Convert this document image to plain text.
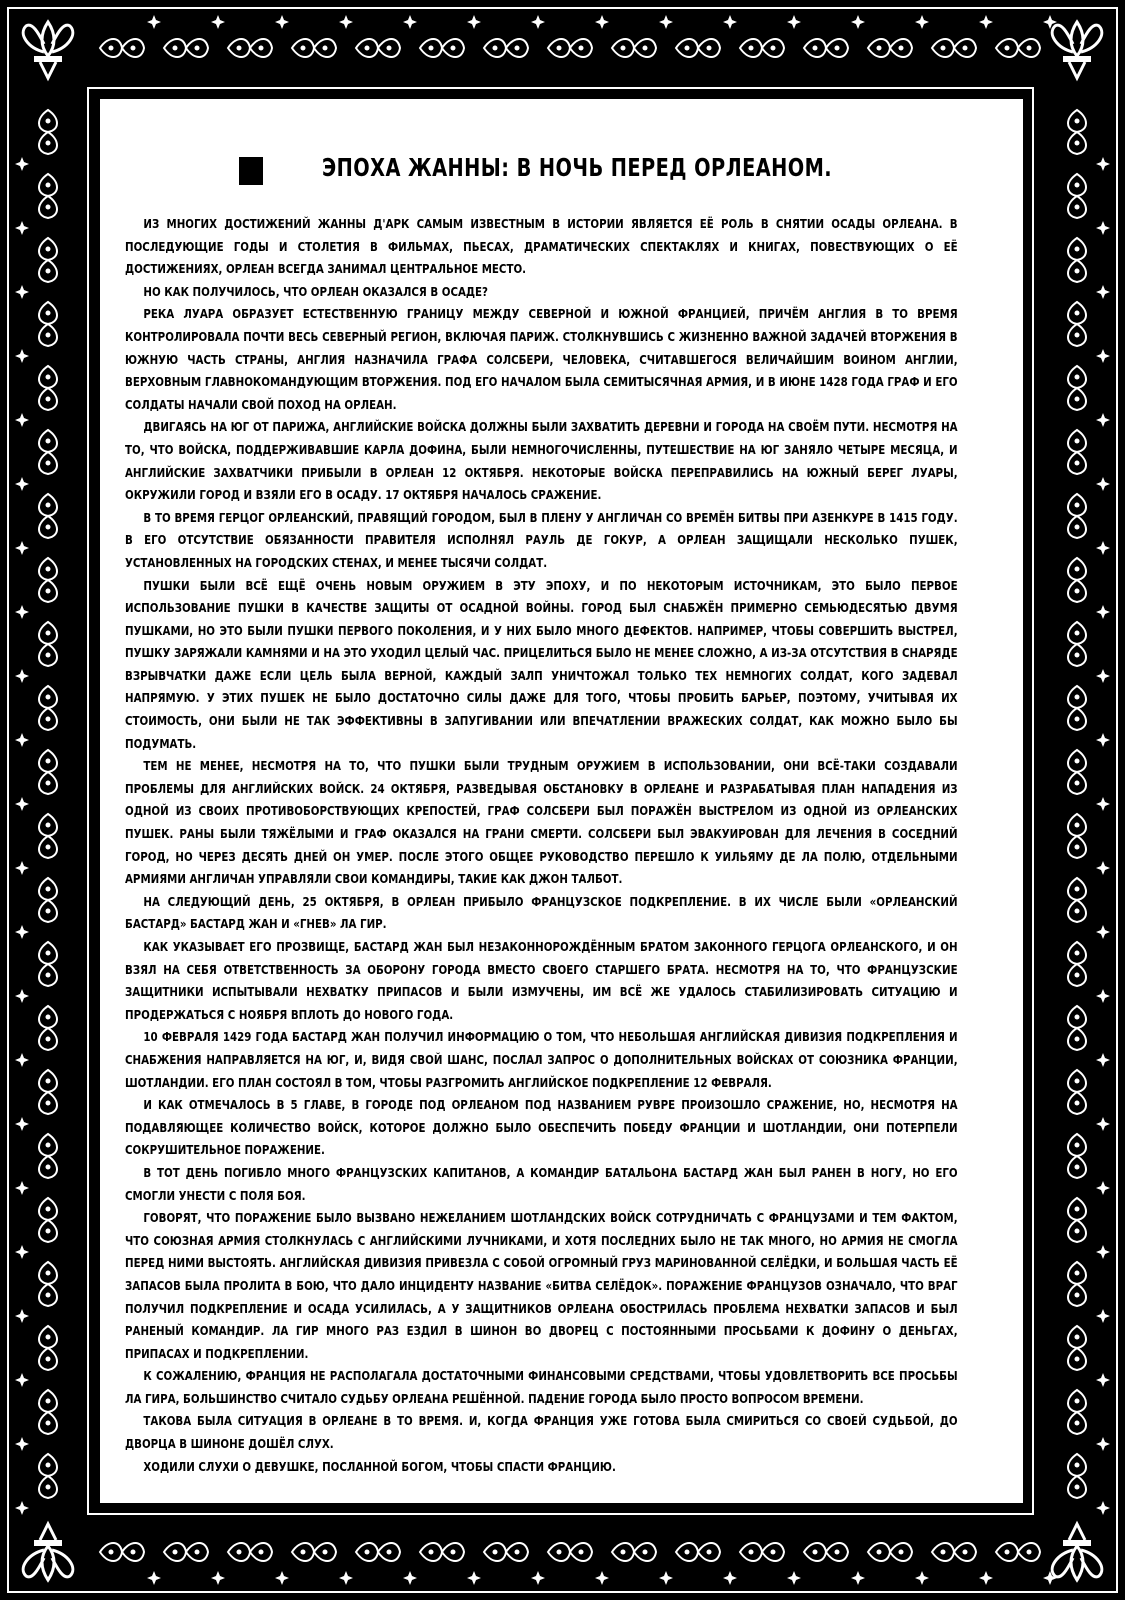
ЭПОХА ЖАННЫ: В НОЧЬ ПЕРЕД ОРЛЕАНОМ.

ИЗ МНОГИХ ДОСТИЖЕНИЙ ЖАННЫ Д'АРК САМЫМ ИЗВЕСТНЫМ В ИСТОРИИ ЯВЛЯЕТСЯ ЕЁ РОЛЬ В СНЯТИИ ОСАДЫ ОРЛЕАНА. В ПОСЛЕДУЮЩИЕ ГОДЫ И СТОЛЕТИЯ В ФИЛЬМАХ, ПЬЕСАХ, ДРАМАТИЧЕСКИХ СПЕКТАКЛЯХ И КНИГАХ, ПОВЕСТВУЮЩИХ О ЕЁ ДОСТИЖЕНИЯХ, ОРЛЕАН ВСЕГДА ЗАНИМАЛ ЦЕНТРАЛЬНОЕ МЕСТО.

НО КАК ПОЛУЧИЛОСЬ, ЧТО ОРЛЕАН ОКАЗАЛСЯ В ОСАДЕ?

РЕКА ЛУАРА ОБРАЗУЕТ ЕСТЕСТВЕННУЮ ГРАНИЦУ МЕЖДУ СЕВЕРНОЙ И ЮЖНОЙ ФРАНЦИЕЙ, ПРИЧЁМ АНГЛИЯ В ТО ВРЕМЯ КОНТРОЛИРОВАЛА ПОЧТИ ВЕСЬ СЕВЕРНЫЙ РЕГИОН, ВКЛЮЧАЯ ПАРИЖ. СТОЛКНУВШИСЬ С ЖИЗНЕННО ВАЖНОЙ ЗАДАЧЕЙ ВТОРЖЕНИЯ В ЮЖНУЮ ЧАСТЬ СТРАНЫ, АНГЛИЯ НАЗНАЧИЛА ГРАФА СОЛСБЕРИ, ЧЕЛОВЕКА, СЧИТАВШЕГОСЯ ВЕЛИЧАЙШИМ ВОИНОМ АНГЛИИ, ВЕРХОВНЫМ ГЛАВНОКОМАНДУЮЩИМ ВТОРЖЕНИЯ. ПОД ЕГО НАЧАЛОМ БЫЛА СЕМИТЫСЯЧНАЯ АРМИЯ, И В ИЮНЕ 1428 ГОДА ГРАФ И ЕГО СОЛДАТЫ НАЧАЛИ СВОЙ ПОХОД НА ОРЛЕАН.

ДВИГАЯСЬ НА ЮГ ОТ ПАРИЖА, АНГЛИЙСКИЕ ВОЙСКА ДОЛЖНЫ БЫЛИ ЗАХВАТИТЬ ДЕРЕВНИ И ГОРОДА НА СВОЁМ ПУТИ. НЕСМОТРЯ НА ТО, ЧТО ВОЙСКА, ПОДДЕРЖИВАВШИЕ КАРЛА ДОФИНА, БЫЛИ НЕМНОГОЧИСЛЕННЫ, ПУТЕШЕСТВИЕ НА ЮГ ЗАНЯЛО ЧЕТЫРЕ МЕСЯЦА, И АНГЛИЙСКИЕ ЗАХВАТЧИКИ ПРИБЫЛИ В ОРЛЕАН 12 ОКТЯБРЯ. НЕКОТОРЫЕ ВОЙСКА ПЕРЕПРАВИЛИСЬ НА ЮЖНЫЙ БЕРЕГ ЛУАРЫ, ОКРУЖИЛИ ГОРОД И ВЗЯЛИ ЕГО В ОСАДУ. 17 ОКТЯБРЯ НАЧАЛОСЬ СРАЖЕНИЕ.

В ТО ВРЕМЯ ГЕРЦОГ ОРЛЕАНСКИЙ, ПРАВЯЩИЙ ГОРОДОМ, БЫЛ В ПЛЕНУ У АНГЛИЧАН СО ВРЕМЁН БИТВЫ ПРИ АЗЕНКУРЕ В 1415 ГОДУ. В ЕГО ОТСУТСТВИЕ ОБЯЗАННОСТИ ПРАВИТЕЛЯ ИСПОЛНЯЛ РАУЛЬ ДЕ ГОКУР, А ОРЛЕАН ЗАЩИЩАЛИ НЕСКОЛЬКО ПУШЕК, УСТАНОВЛЕННЫХ НА ГОРОДСКИХ СТЕНАХ, И МЕНЕЕ ТЫСЯЧИ СОЛДАТ.

ПУШКИ БЫЛИ ВСЁ ЕЩЁ ОЧЕНЬ НОВЫМ ОРУЖИЕМ В ЭТУ ЭПОХУ, И ПО НЕКОТОРЫМ ИСТОЧНИКАМ, ЭТО БЫЛО ПЕРВОЕ ИСПОЛЬЗОВАНИЕ ПУШКИ В КАЧЕСТВЕ ЗАЩИТЫ ОТ ОСАДНОЙ ВОЙНЫ. ГОРОД БЫЛ СНАБЖЁН ПРИМЕРНО СЕМЬЮДЕСЯТЬЮ ДВУМЯ ПУШКАМИ, НО ЭТО БЫЛИ ПУШКИ ПЕРВОГО ПОКОЛЕНИЯ, И У НИХ БЫЛО МНОГО ДЕФЕКТОВ. НАПРИМЕР, ЧТОБЫ СОВЕРШИТЬ ВЫСТРЕЛ, ПУШКУ ЗАРЯЖАЛИ КАМНЯМИ И НА ЭТО УХОДИЛ ЦЕЛЫЙ ЧАС. ПРИЦЕЛИТЬСЯ БЫЛО НЕ МЕНЕЕ СЛОЖНО, А ИЗ-ЗА ОТСУТСТВИЯ В СНАРЯДЕ ВЗРЫВЧАТКИ ДАЖЕ ЕСЛИ ЦЕЛЬ БЫЛА ВЕРНОЙ, КАЖДЫЙ ЗАЛП УНИЧТОЖАЛ ТОЛЬКО ТЕХ НЕМНОГИХ СОЛДАТ, КОГО ЗАДЕВАЛ НАПРЯМУЮ. У ЭТИХ ПУШЕК НЕ БЫЛО ДОСТАТОЧНО СИЛЫ ДАЖЕ ДЛЯ ТОГО, ЧТОБЫ ПРОБИТЬ БАРЬЕР, ПОЭТОМУ, УЧИТЫВАЯ ИХ СТОИМОСТЬ, ОНИ БЫЛИ НЕ ТАК ЭФФЕКТИВНЫ В ЗАПУГИВАНИИ ИЛИ ВПЕЧАТЛЕНИИ ВРАЖЕСКИХ СОЛДАТ, КАК МОЖНО БЫЛО БЫ ПОДУМАТЬ.

ТЕМ НЕ МЕНЕЕ, НЕСМОТРЯ НА ТО, ЧТО ПУШКИ БЫЛИ ТРУДНЫМ ОРУЖИЕМ В ИСПОЛЬЗОВАНИИ, ОНИ ВСЁ-ТАКИ СОЗДАВАЛИ ПРОБЛЕМЫ ДЛЯ АНГЛИЙСКИХ ВОЙСК. 24 ОКТЯБРЯ, РАЗВЕДЫВАЯ ОБСТАНОВКУ В ОРЛЕАНЕ И РАЗРАБАТЫВАЯ ПЛАН НАПАДЕНИЯ ИЗ ОДНОЙ ИЗ СВОИХ ПРОТИВОБОРСТВУЮЩИХ КРЕПОСТЕЙ, ГРАФ СОЛСБЕРИ БЫЛ ПОРАЖЁН ВЫСТРЕЛОМ ИЗ ОДНОЙ ИЗ ОРЛЕАНСКИХ ПУШЕК. РАНЫ БЫЛИ ТЯЖЁЛЫМИ И ГРАФ ОКАЗАЛСЯ НА ГРАНИ СМЕРТИ. СОЛСБЕРИ БЫЛ ЭВАКУИРОВАН ДЛЯ ЛЕЧЕНИЯ В СОСЕДНИЙ ГОРОД, НО ЧЕРЕЗ ДЕСЯТЬ ДНЕЙ ОН УМЕР. ПОСЛЕ ЭТОГО ОБЩЕЕ РУКОВОДСТВО ПЕРЕШЛО К УИЛЬЯМУ ДЕ ЛА ПОЛЮ, ОТДЕЛЬНЫМИ АРМИЯМИ АНГЛИЧАН УПРАВЛЯЛИ СВОИ КОМАНДИРЫ, ТАКИЕ КАК ДЖОН ТАЛБОТ.

НА СЛЕДУЮЩИЙ ДЕНЬ, 25 ОКТЯБРЯ, В ОРЛЕАН ПРИБЫЛО ФРАНЦУЗСКОЕ ПОДКРЕПЛЕНИЕ. В ИХ ЧИСЛЕ БЫЛИ «ОРЛЕАНСКИЙ БАСТАРД» БАСТАРД ЖАН И «ГНЕВ» ЛА ГИР.

КАК УКАЗЫВАЕТ ЕГО ПРОЗВИЩЕ, БАСТАРД ЖАН БЫЛ НЕЗАКОННОРОЖДЁННЫМ БРАТОМ ЗАКОННОГО ГЕРЦОГА ОРЛЕАНСКОГО, И ОН ВЗЯЛ НА СЕБЯ ОТВЕТСТВЕННОСТЬ ЗА ОБОРОНУ ГОРОДА ВМЕСТО СВОЕГО СТАРШЕГО БРАТА. НЕСМОТРЯ НА ТО, ЧТО ФРАНЦУЗСКИЕ ЗАЩИТНИКИ ИСПЫТЫВАЛИ НЕХВАТКУ ПРИПАСОВ И БЫЛИ ИЗМУЧЕНЫ, ИМ ВСЁ ЖЕ УДАЛОСЬ СТАБИЛИЗИРОВАТЬ СИТУАЦИЮ И ПРОДЕРЖАТЬСЯ С НОЯБРЯ ВПЛОТЬ ДО НОВОГО ГОДА.

10 ФЕВРАЛЯ 1429 ГОДА БАСТАРД ЖАН ПОЛУЧИЛ ИНФОРМАЦИЮ О ТОМ, ЧТО НЕБОЛЬШАЯ АНГЛИЙСКАЯ ДИВИЗИЯ ПОДКРЕПЛЕНИЯ И СНАБЖЕНИЯ НАПРАВЛЯЕТСЯ НА ЮГ, И, ВИДЯ СВОЙ ШАНС, ПОСЛАЛ ЗАПРОС О ДОПОЛНИТЕЛЬНЫХ ВОЙСКАХ ОТ СОЮЗНИКА ФРАНЦИИ, ШОТЛАНДИИ. ЕГО ПЛАН СОСТОЯЛ В ТОМ, ЧТОБЫ РАЗГРОМИТЬ АНГЛИЙСКОЕ ПОДКРЕПЛЕНИЕ 12 ФЕВРАЛЯ.

И КАК ОТМЕЧАЛОСЬ В 5 ГЛАВЕ, В ГОРОДЕ ПОД ОРЛЕАНОМ ПОД НАЗВАНИЕМ РУВРЕ ПРОИЗОШЛО СРАЖЕНИЕ, НО, НЕСМОТРЯ НА ПОДАВЛЯЮЩЕЕ КОЛИЧЕСТВО ВОЙСК, КОТОРОЕ ДОЛЖНО БЫЛО ОБЕСПЕЧИТЬ ПОБЕДУ ФРАНЦИИ И ШОТЛАНДИИ, ОНИ ПОТЕРПЕЛИ СОКРУШИТЕЛЬНОЕ ПОРАЖЕНИЕ.

В ТОТ ДЕНЬ ПОГИБЛО МНОГО ФРАНЦУЗСКИХ КАПИТАНОВ, А КОМАНДИР БАТАЛЬОНА БАСТАРД ЖАН БЫЛ РАНЕН В НОГУ, НО ЕГО СМОГЛИ УНЕСТИ С ПОЛЯ БОЯ.

ГОВОРЯТ, ЧТО ПОРАЖЕНИЕ БЫЛО ВЫЗВАНО НЕЖЕЛАНИЕМ ШОТЛАНДСКИХ ВОЙСК СОТРУДНИЧАТЬ С ФРАНЦУЗАМИ И ТЕМ ФАКТОМ, ЧТО СОЮЗНАЯ АРМИЯ СТОЛКНУЛАСЬ С АНГЛИЙСКИМИ ЛУЧНИКАМИ, И ХОТЯ ПОСЛЕДНИХ БЫЛО НЕ ТАК МНОГО, НО АРМИЯ НЕ СМОГЛА ПЕРЕД НИМИ ВЫСТОЯТЬ. АНГЛИЙСКАЯ ДИВИЗИЯ ПРИВЕЗЛА С СОБОЙ ОГРОМНЫЙ ГРУЗ МАРИНОВАННОЙ СЕЛЁДКИ, И БОЛЬШАЯ ЧАСТЬ ЕЁ ЗАПАСОВ БЫЛА ПРОЛИТА В БОЮ, ЧТО ДАЛО ИНЦИДЕНТУ НАЗВАНИЕ «БИТВА СЕЛЁДОК». ПОРАЖЕНИЕ ФРАНЦУЗОВ ОЗНАЧАЛО, ЧТО ВРАГ ПОЛУЧИЛ ПОДКРЕПЛЕНИЕ И ОСАДА УСИЛИЛАСЬ, А У ЗАЩИТНИКОВ ОРЛЕАНА ОБОСТРИЛАСЬ ПРОБЛЕМА НЕХВАТКИ ЗАПАСОВ И БЫЛ РАНЕНЫЙ КОМАНДИР. ЛА ГИР МНОГО РАЗ ЕЗДИЛ В ШИНОН ВО ДВОРЕЦ С ПОСТОЯННЫМИ ПРОСЬБАМИ К ДОФИНУ О ДЕНЬГАХ, ПРИПАСАХ И ПОДКРЕПЛЕНИИ.

К СОЖАЛЕНИЮ, ФРАНЦИЯ НЕ РАСПОЛАГАЛА ДОСТАТОЧНЫМИ ФИНАНСОВЫМИ СРЕДСТВАМИ, ЧТОБЫ УДОВЛЕТВОРИТЬ ВСЕ ПРОСЬБЫ ЛА ГИРА, БОЛЬШИНСТВО СЧИТАЛО СУДЬБУ ОРЛЕАНА РЕШЁННОЙ. ПАДЕНИЕ ГОРОДА БЫЛО ПРОСТО ВОПРОСОМ ВРЕМЕНИ.

ТАКОВА БЫЛА СИТУАЦИЯ В ОРЛЕАНЕ В ТО ВРЕМЯ. И, КОГДА ФРАНЦИЯ УЖЕ ГОТОВА БЫЛА СМИРИТЬСЯ СО СВОЕЙ СУДЬБОЙ, ДО ДВОРЦА В ШИНОНЕ ДОШЁЛ СЛУХ.

ХОДИЛИ СЛУХИ О ДЕВУШКЕ, ПОСЛАННОЙ БОГОМ, ЧТОБЫ СПАСТИ ФРАНЦИЮ.
